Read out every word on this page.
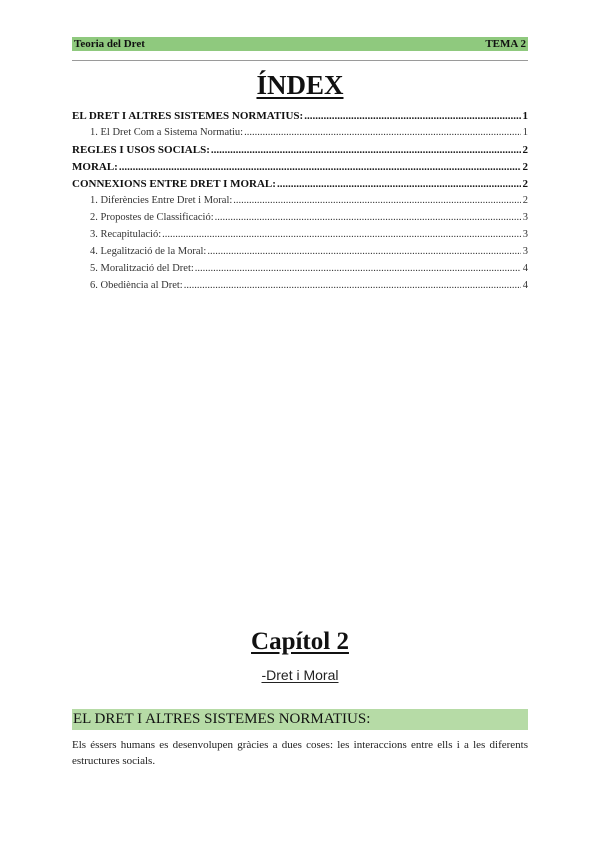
Teoria del Dret	TEMA 2
ÍNDEX
EL DRET I ALTRES SISTEMES NORMATIUS: .....	1
1. El Dret Com a Sistema Normatiu: .....	1
REGLES I USOS SOCIALS: .....	2
MORAL: .....	2
CONNEXIONS ENTRE DRET I MORAL: .....	2
1. Diferències Entre Dret i Moral: .....	2
2. Propostes de Classificació: .....	3
3. Recapitulació: .....	3
4. Legalització de la Moral: .....	3
5. Moralització del Dret: .....	4
6. Obediència al Dret: .....	4
Capítol 2
-Dret i Moral
EL DRET I ALTRES SISTEMES NORMATIUS:
Els éssers humans es desenvolupen gràcies a dues coses: les interaccions entre ells i a les diferents estructures socials.
